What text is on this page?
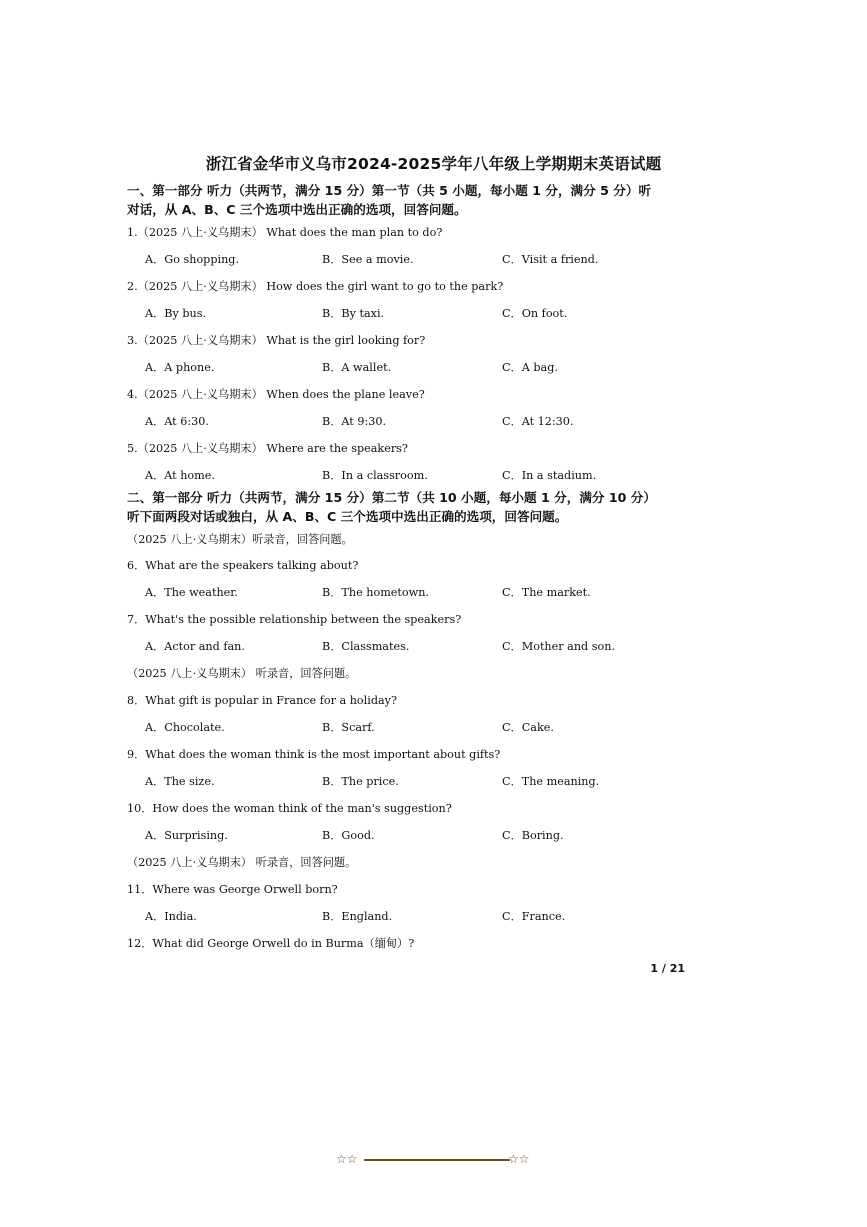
浙江省金华市义乌市2024-2025学年八年级上学期期末英语试题
一、第一部分 听力（共两节，满分 15 分）第一节（共 5 小题，每小题 1 分，满分 5 分）听
对话，从 A、B、C 三个选项中选出正确的选项，回答问题。
1.（2025 八上·义乌期末） What does the man plan to do?
A．Go shopping.	B．See a movie.	C．Visit a friend.
2.（2025 八上·义乌期末） How does the girl want to go to the park?
A．By bus.	B．By taxi.	C．On foot.
3.（2025 八上·义乌期末） What is the girl looking for?
A．A phone.	B．A wallet.	C．A bag.
4.（2025 八上·义乌期末） When does the plane leave?
A．At 6:30.	B．At 9:30.	C．At 12:30.
5.（2025 八上·义乌期末） Where are the speakers?
A．At home.	B．In a classroom.	C．In a stadium.
二、第一部分 听力（共两节，满分 15 分）第二节（共 10 小题，每小题 1 分，满分 10 分）
听下面两段对话或独白，从 A、B、C 三个选项中选出正确的选项，回答问题。
（2025 八上·义乌期末）听录音，回答问题。
6．What are the speakers talking about?
A．The weather.	B．The hometown.	C．The market.
7．What's the possible relationship between the speakers?
A．Actor and fan.	B．Classmates.	C．Mother and son.
（2025 八上·义乌期末） 听录音，回答问题。
8．What gift is popular in France for a holiday?
A．Chocolate.	B．Scarf.	C．Cake.
9．What does the woman think is the most important about gifts?
A．The size.	B．The price.	C．The meaning.
10．How does the woman think of the man's suggestion?
A．Surprising.	B．Good.	C．Boring.
（2025 八上·义乌期末） 听录音，回答问题。
11．Where was George Orwell born?
A．India.	B．England.	C．France.
12．What did George Orwell do in Burma（缅甸）?
1 / 21
☆☆	☆☆
